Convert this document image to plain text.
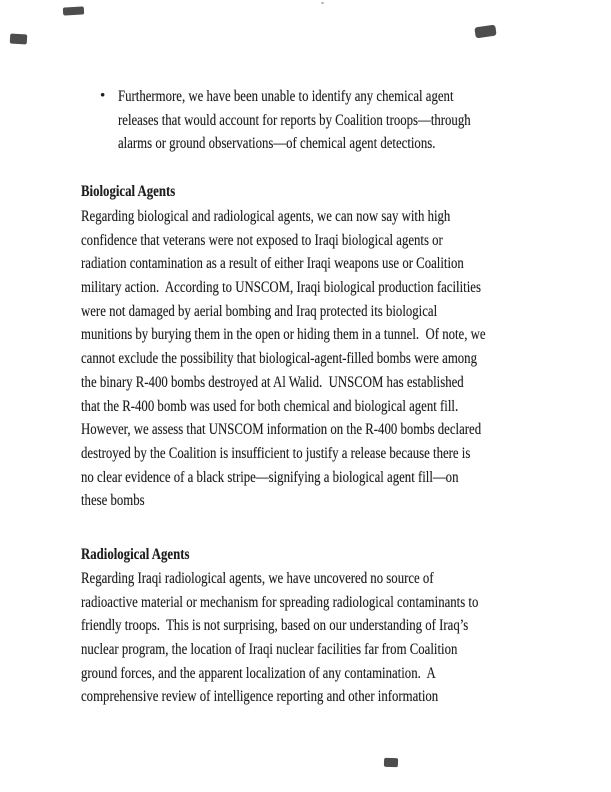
• Furthermore, we have been unable to identify any chemical agent
releases that would account for reports by Coalition troops—through
alarms or ground observations—of chemical agent detections.
Biological Agents
Regarding biological and radiological agents, we can now say with high
confidence that veterans were not exposed to Iraqi biological agents or
radiation contamination as a result of either Iraqi weapons use or Coalition
military action.  According to UNSCOM, Iraqi biological production facilities
were not damaged by aerial bombing and Iraq protected its biological
munitions by burying them in the open or hiding them in a tunnel.  Of note, we
cannot exclude the possibility that biological-agent-filled bombs were among
the binary R-400 bombs destroyed at Al Walid.  UNSCOM has established
that the R-400 bomb was used for both chemical and biological agent fill.
However, we assess that UNSCOM information on the R-400 bombs declared
destroyed by the Coalition is insufficient to justify a release because there is
no clear evidence of a black stripe—signifying a biological agent fill—on
these bombs
Radiological Agents
Regarding Iraqi radiological agents, we have uncovered no source of
radioactive material or mechanism for spreading radiological contaminants to
friendly troops.  This is not surprising, based on our understanding of Iraq’s
nuclear program, the location of Iraqi nuclear facilities far from Coalition
ground forces, and the apparent localization of any contamination.  A
comprehensive review of intelligence reporting and other information
